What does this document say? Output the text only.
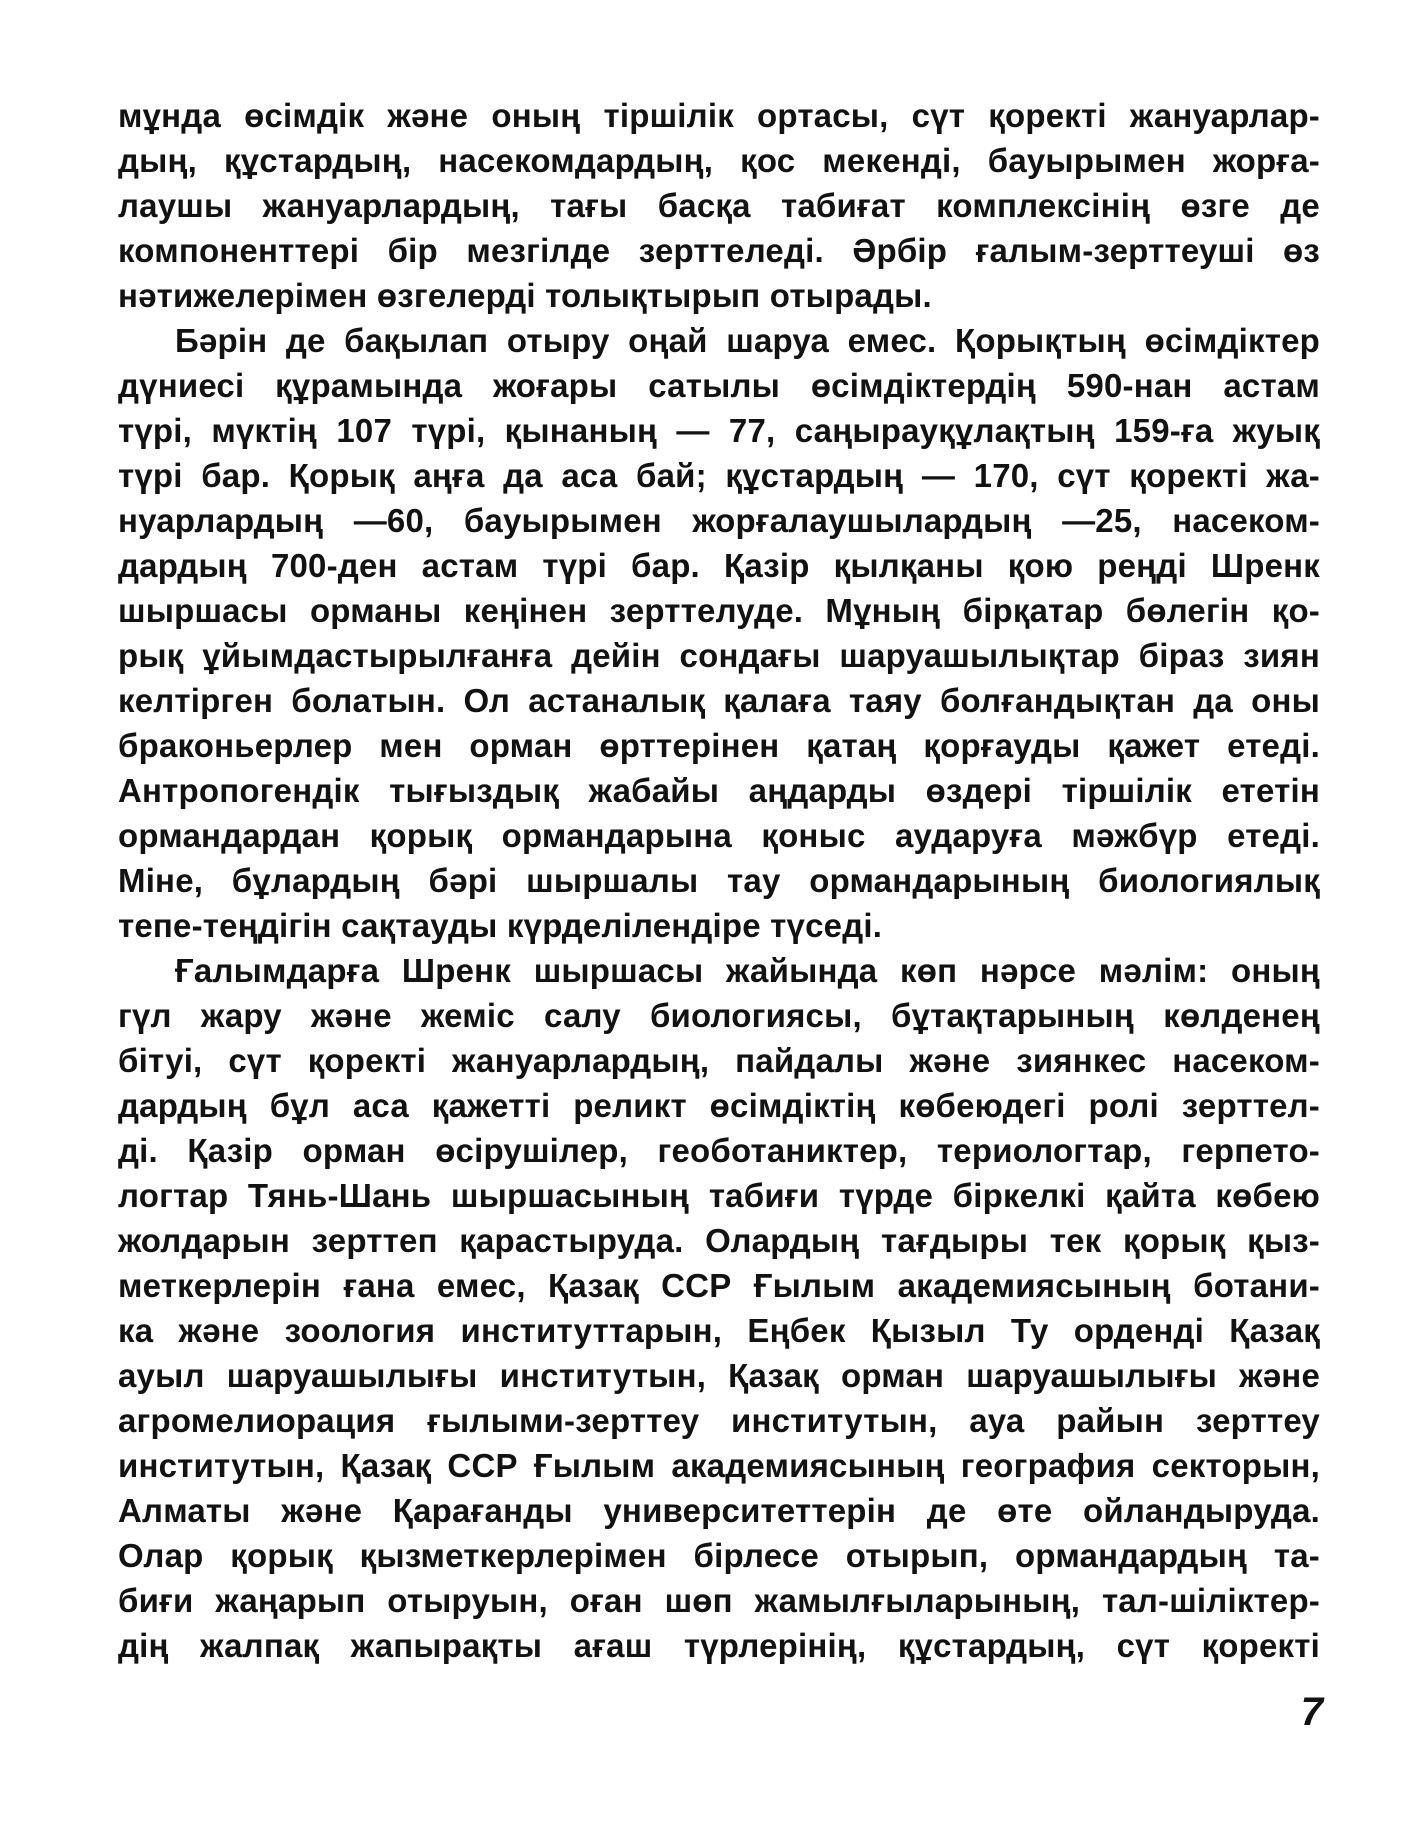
мұнда өсімдік және оның тіршілік ортасы, сүт қоректі жануарлар-
дың, құстардың, насекомдардың, қос мекенді, бауырымен жорға-
лаушы жануарлардың, тағы басқа табиғат комплексінің өзге де
компоненттері бір мезгілде зерттеледі. Әрбір ғалым-зерттеуші өз
нәтижелерімен өзгелерді толықтырып отырады.
Бәрін де бақылап отыру оңай шаруа емес. Қорықтың өсімдіктер
дүниесі құрамында жоғары сатылы өсімдіктердің 590-нан астам
түрі, мүктің 107 түрі, қынаның — 77, саңырауқұлақтың 159-ға жуық
түрі бар. Қорық аңға да аса бай; құстардың — 170, сүт қоректі жа-
нуарлардың —60, бауырымен жорғалаушылардың —25, насеком-
дардың 700-ден астам түрі бар. Қазір қылқаны қою реңді Шренк
шыршасы орманы кеңінен зерттелуде. Мұның бірқатар бөлегін қо-
рық ұйымдастырылғанға дейін сондағы шаруашылықтар біраз зиян
келтірген болатын. Ол астаналық қалаға таяу болғандықтан да оны
браконьерлер мен орман өрттерінен қатаң қорғауды қажет етеді.
Антропогендік тығыздық жабайы аңдарды өздері тіршілік ететін
ормандардан қорық ормандарына қоныс аударуға мәжбүр етеді.
Міне, бұлардың бәрі шыршалы тау ормандарының биологиялық
тепе-теңдігін сақтауды күрделілендіре түседі.
Ғалымдарға Шренк шыршасы жайында көп нәрсе мәлім: оның
гүл жару және жеміс салу биологиясы, бұтақтарының көлденең
бітуі, сүт қоректі жануарлардың, пайдалы және зиянкес насеком-
дардың бұл аса қажетті реликт өсімдіктің көбеюдегі ролі зерттел-
ді. Қазір орман өсірушілер, геоботаниктер, териологтар, герпето-
логтар Тянь-Шань шыршасының табиғи түрде біркелкі қайта көбею
жолдарын зерттеп қарастыруда. Олардың тағдыры тек қорық қыз-
меткерлерін ғана емес, Қазақ ССР Ғылым академиясының ботани-
ка және зоология институттарын, Еңбек Қызыл Ту орденді Қазақ
ауыл шаруашылығы институтын, Қазақ орман шаруашылығы және
агромелиорация ғылыми-зерттеу институтын, ауа райын зерттеу
институтын, Қазақ ССР Ғылым академиясының география секторын,
Алматы және Қарағанды университеттерін де өте ойландыруда.
Олар қорық қызметкерлерімен бірлесе отырып, ормандардың та-
биғи жаңарып отыруын, оған шөп жамылғыларының, тал-шіліктер-
дің жалпақ жапырақты ағаш түрлерінің, құстардың, сүт қоректі
7
